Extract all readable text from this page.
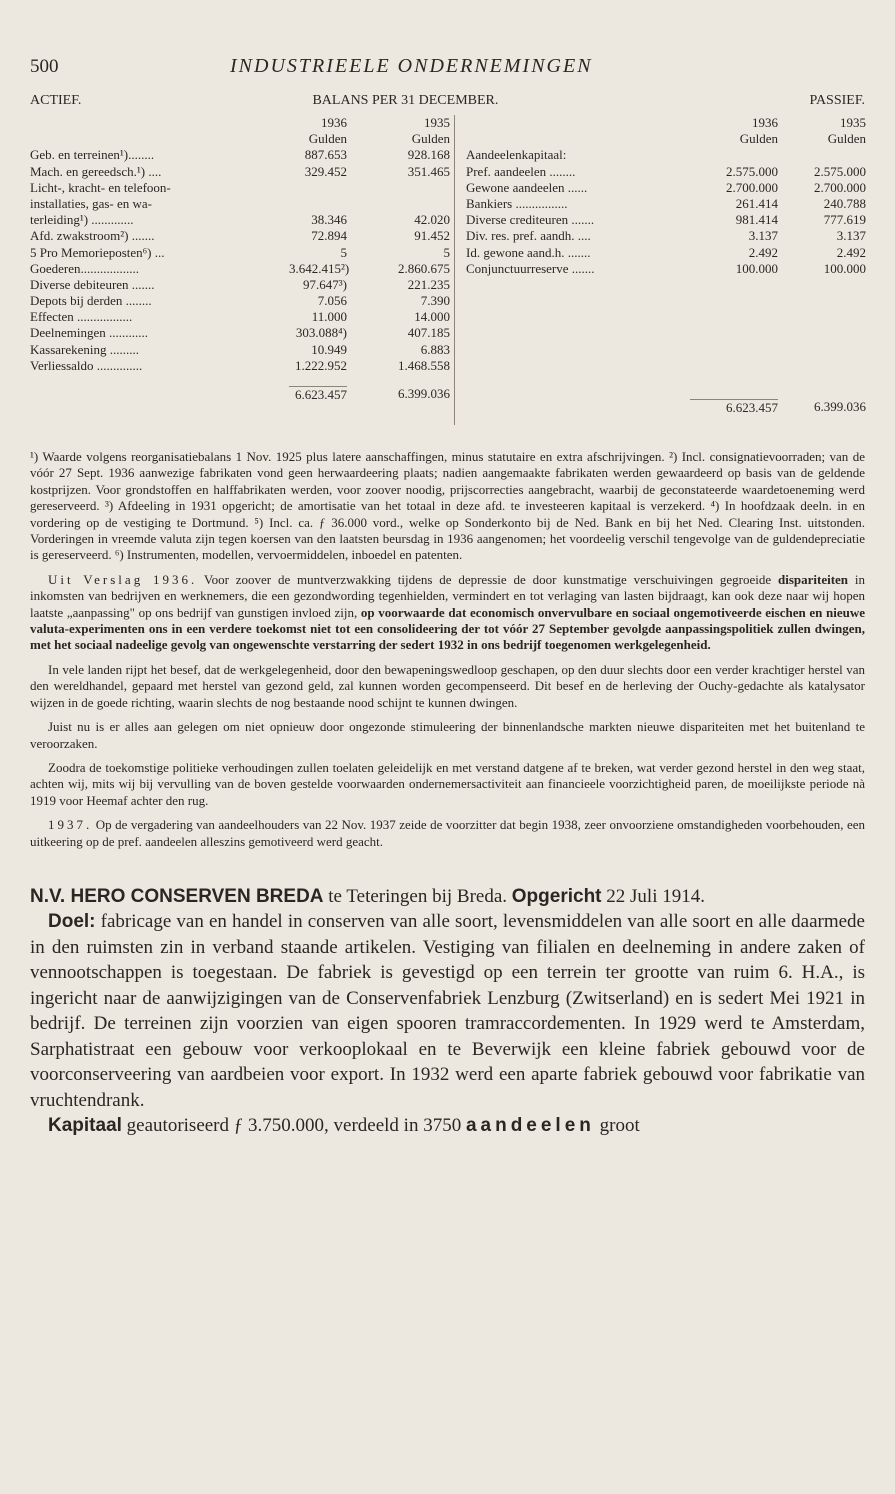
500	INDUSTRIEELE ONDERNEMINGEN
ACTIEF.	BALANS PER 31 DECEMBER.	PASSIEF.
1936	1935
Gulden	Gulden
Geb. en terreinen¹)........	887.653	928.168
Mach. en gereedsch.¹) ....	329.452	351.465
Licht-, kracht- en telefoon-
installaties, gas- en wa-
terleiding¹) .............	38.346	42.020
Afd. zwakstroom²) .......	72.894	91.452
5 Pro Memorieposten⁶) ...	5	5
Goederen..................	3.642.415²)	2.860.675
Diverse debiteuren .......	97.647³)	221.235
Depots bij derden ........	7.056	7.390
Effecten .................	11.000	14.000
Deelnemingen ............	303.088⁴)	407.185
Kassarekening .........	10.949	6.883
Verliessaldo ..............	1.222.952	1.468.558
6.623.457	6.399.036
1936	1935
Gulden	Gulden
Aandeelenkapitaal:
Pref. aandeelen ........	2.575.000	2.575.000
Gewone aandeelen ......	2.700.000	2.700.000
Bankiers ................	261.414	240.788
Diverse crediteuren .......	981.414	777.619
Div. res. pref. aandh. ....	3.137	3.137
Id. gewone aand.h. .......	2.492	2.492
Conjunctuurreserve .......	100.000	100.000
6.623.457	6.399.036
¹) Waarde volgens reorganisatiebalans 1 Nov. 1925 plus latere aanschaffingen, minus statutaire en extra afschrijvingen. ²) Incl. consignatievoorraden; van de vóór 27 Sept. 1936 aanwezige fabrikaten vond geen herwaardeering plaats; nadien aangemaakte fabrikaten werden gewaardeerd op basis van de geldende kostprijzen. Voor grondstoffen en halffabrikaten werden, voor zoover noodig, prijscorrecties aangebracht, waarbij de geconstateerde waardetoeneming werd gereserveerd. ³) Afdeeling in 1931 opgericht; de amortisatie van het totaal in deze afd. te investeeren kapitaal is verzekerd. ⁴) In hoofdzaak deeln. in en vordering op de vestiging te Dortmund. ⁵) Incl. ca. ƒ 36.000 vord., welke op Sonderkonto bij de Ned. Bank en bij het Ned. Clearing Inst. uitstonden. Vorderingen in vreemde valuta zijn tegen koersen van den laatsten beursdag in 1936 aangenomen; het voordeelig verschil tengevolge van de guldendepreciatie is gereserveerd. ⁶) Instrumenten, modellen, vervoermiddelen, inboedel en patenten.
Uit Verslag 1936. Voor zoover de muntverzwakking tijdens de depressie de door kunstmatige verschuivingen gegroeide dispariteiten in inkomsten van bedrijven en werknemers, die een gezondwording tegenhielden, vermindert en tot verlaging van lasten bijdraagt, kan ook deze naar wij hopen laatste „aanpassing" op ons bedrijf van gunstigen invloed zijn, op voorwaarde dat economisch onvervulbare en sociaal ongemotiveerde eischen en nieuwe valuta-experimenten ons in een verdere toekomst niet tot een consolideering der tot vóór 27 September gevolgde aanpassingspolitiek zullen dwingen, met het sociaal nadeelige gevolg van ongewenschte verstarring der sedert 1932 in ons bedrijf toegenomen werkgelegenheid.
In vele landen rijpt het besef, dat de werkgelegenheid, door den bewapeningswedloop geschapen, op den duur slechts door een verder krachtiger herstel van den wereldhandel, gepaard met herstel van gezond geld, zal kunnen worden gecompenseerd. Dit besef en de herleving der Ouchy-gedachte als katalysator wijzen in de goede richting, waarin slechts de nog bestaande nood schijnt te kunnen dwingen.
Juist nu is er alles aan gelegen om niet opnieuw door ongezonde stimuleering der binnenlandsche markten nieuwe dispariteiten met het buitenland te veroorzaken.
Zoodra de toekomstige politieke verhoudingen zullen toelaten geleidelijk en met verstand datgene af te breken, wat verder gezond herstel in den weg staat, achten wij, mits wij bij vervulling van de boven gestelde voorwaarden ondernemersactiviteit aan financieele voorzichtigheid paren, de moeilijkste periode nà 1919 voor Heemaf achter den rug.
1937. Op de vergadering van aandeelhouders van 22 Nov. 1937 zeide de voorzitter dat begin 1938, zeer onvoorziene omstandigheden voorbehouden, een uitkeering op de pref. aandeelen alleszins gemotiveerd werd geacht.

N.V. HERO CONSERVEN BREDA te Teteringen bij Breda. Opgericht 22 Juli 1914.

Doel: fabricage van en handel in conserven van alle soort, levensmiddelen van alle soort en alle daarmede in den ruimsten zin in verband staande artikelen. Vestiging van filialen en deelneming in andere zaken of vennootschappen is toegestaan. De fabriek is gevestigd op een terrein ter grootte van ruim 6. H.A., is ingericht naar de aanwijzigingen van de Conservenfabriek Lenzburg (Zwitserland) en is sedert Mei 1921 in bedrijf. De terreinen zijn voorzien van eigen spooren tramraccordementen. In 1929 werd te Amsterdam, Sarphatistraat een gebouw voor verkooplokaal en te Beverwijk een kleine fabriek gebouwd voor de voorconserveering van aardbeien voor export. In 1932 werd een aparte fabriek gebouwd voor fabrikatie van vruchtendrank.

Kapitaal geautoriseerd ƒ 3.750.000, verdeeld in 3750 aandeelen groot
